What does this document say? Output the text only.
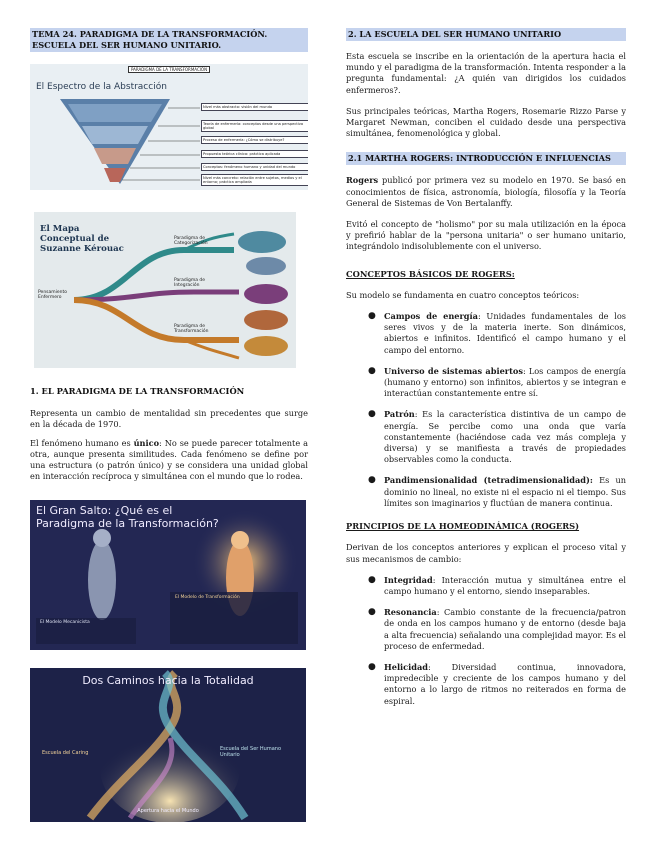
TEMA 24. PARADIGMA DE LA TRANSFORMACIÓN. ESCUELA DEL SER HUMANO UNITARIO.
El Espectro de la Abstracción
PARADIGMA DE LA TRANSFORMACIÓN
Nivel más abstracto: visión del mundo
Teoría de enfermería: conceptos desde una perspectiva global
Proceso de enfermería: ¿Cómo se distribuye?
Propuesta teórica clínica: práctica aplicada
Conceptos: fenómeno humano y unidad del mundo
Nivel más concreto: relación entre sujetos, medios y el entorno; práctica ampliada
El Mapa Conceptual de Suzanne Kérouac
Pensamiento Enfermero
Paradigma de Categorización
Paradigma de Integración
Paradigma de Transformación

1. EL PARADIGMA DE LA TRANSFORMACIÓN

Representa un cambio de mentalidad sin precedentes que surge en la década de 1970.

El fenómeno humano es único: No se puede parecer totalmente a otra, aunque presenta similitudes. Cada fenómeno se define por una estructura (o patrón único) y se considera una unidad global en interacción recíproca y simultánea con el mundo que lo rodea.

El Gran Salto: ¿Qué es el Paradigma de la Transformación?
El Modelo Mecanicista
El Modelo de Transformación
Dos Caminos hacia la Totalidad
Escuela del Caring
Escuela del Ser Humano Unitario
Apertura hacia el Mundo
2. LA ESCUELA DEL SER HUMANO UNITARIO

Esta escuela se inscribe en la orientación de la apertura hacia el mundo y el paradigma de la transformación. Intenta responder a la pregunta fundamental: ¿A quién van dirigidos los cuidados enfermeros?.

Sus principales teóricas, Martha Rogers, Rosemarie Rizzo Parse y Margaret Newman, conciben el cuidado desde una perspectiva simultánea, fenomenológica y global.

2.1 MARTHA ROGERS: INTRODUCCIÓN E INFLUENCIAS

Rogers publicó por primera vez su modelo en 1970. Se basó en conocimientos de física, astronomía, biología, filosofía y la Teoría General de Sistemas de Von Bertalanffy.

Evitó el concepto de "holismo" por su mala utilización en la época y prefirió hablar de la "persona unitaria" o ser humano unitario, integrándolo indisolublemente con el universo.

CONCEPTOS BÁSICOS DE ROGERS:

Su modelo se fundamenta en cuatro conceptos teóricos:

● Campos de energía: Unidades fundamentales de los seres vivos y de la materia inerte. Son dinámicos, abiertos e infinitos. Identificó el campo humano y el campo del entorno.
● Universo de sistemas abiertos: Los campos de energía (humano y entorno) son infinitos, abiertos y se integran e interactúan constantemente entre sí.
● Patrón: Es la característica distintiva de un campo de energía. Se percibe como una onda que varía constantemente (haciéndose cada vez más compleja y diversa) y se manifiesta a través de propiedades observables como la conducta.
● Pandimensionalidad (tetradimensionalidad): Es un dominio no lineal, no existe ni el espacio ni el tiempo. Sus límites son imaginarios y fluctúan de manera continua.

PRINCIPIOS DE LA HOMEODINÁMICA (ROGERS)

Derivan de los conceptos anteriores y explican el proceso vital y sus mecanismos de cambio:

● Integridad: Interacción mutua y simultánea entre el campo humano y el entorno, siendo inseparables.
● Resonancia: Cambio constante de la frecuencia/patron de onda en los campos humano y de entorno (desde baja a alta frecuencia) señalando una complejidad mayor. Es el proceso de enfermedad.
● Helicidad: Diversidad continua, innovadora, impredecible y creciente de los campos humano y del entorno a lo largo de ritmos no reiterados en forma de espiral.
